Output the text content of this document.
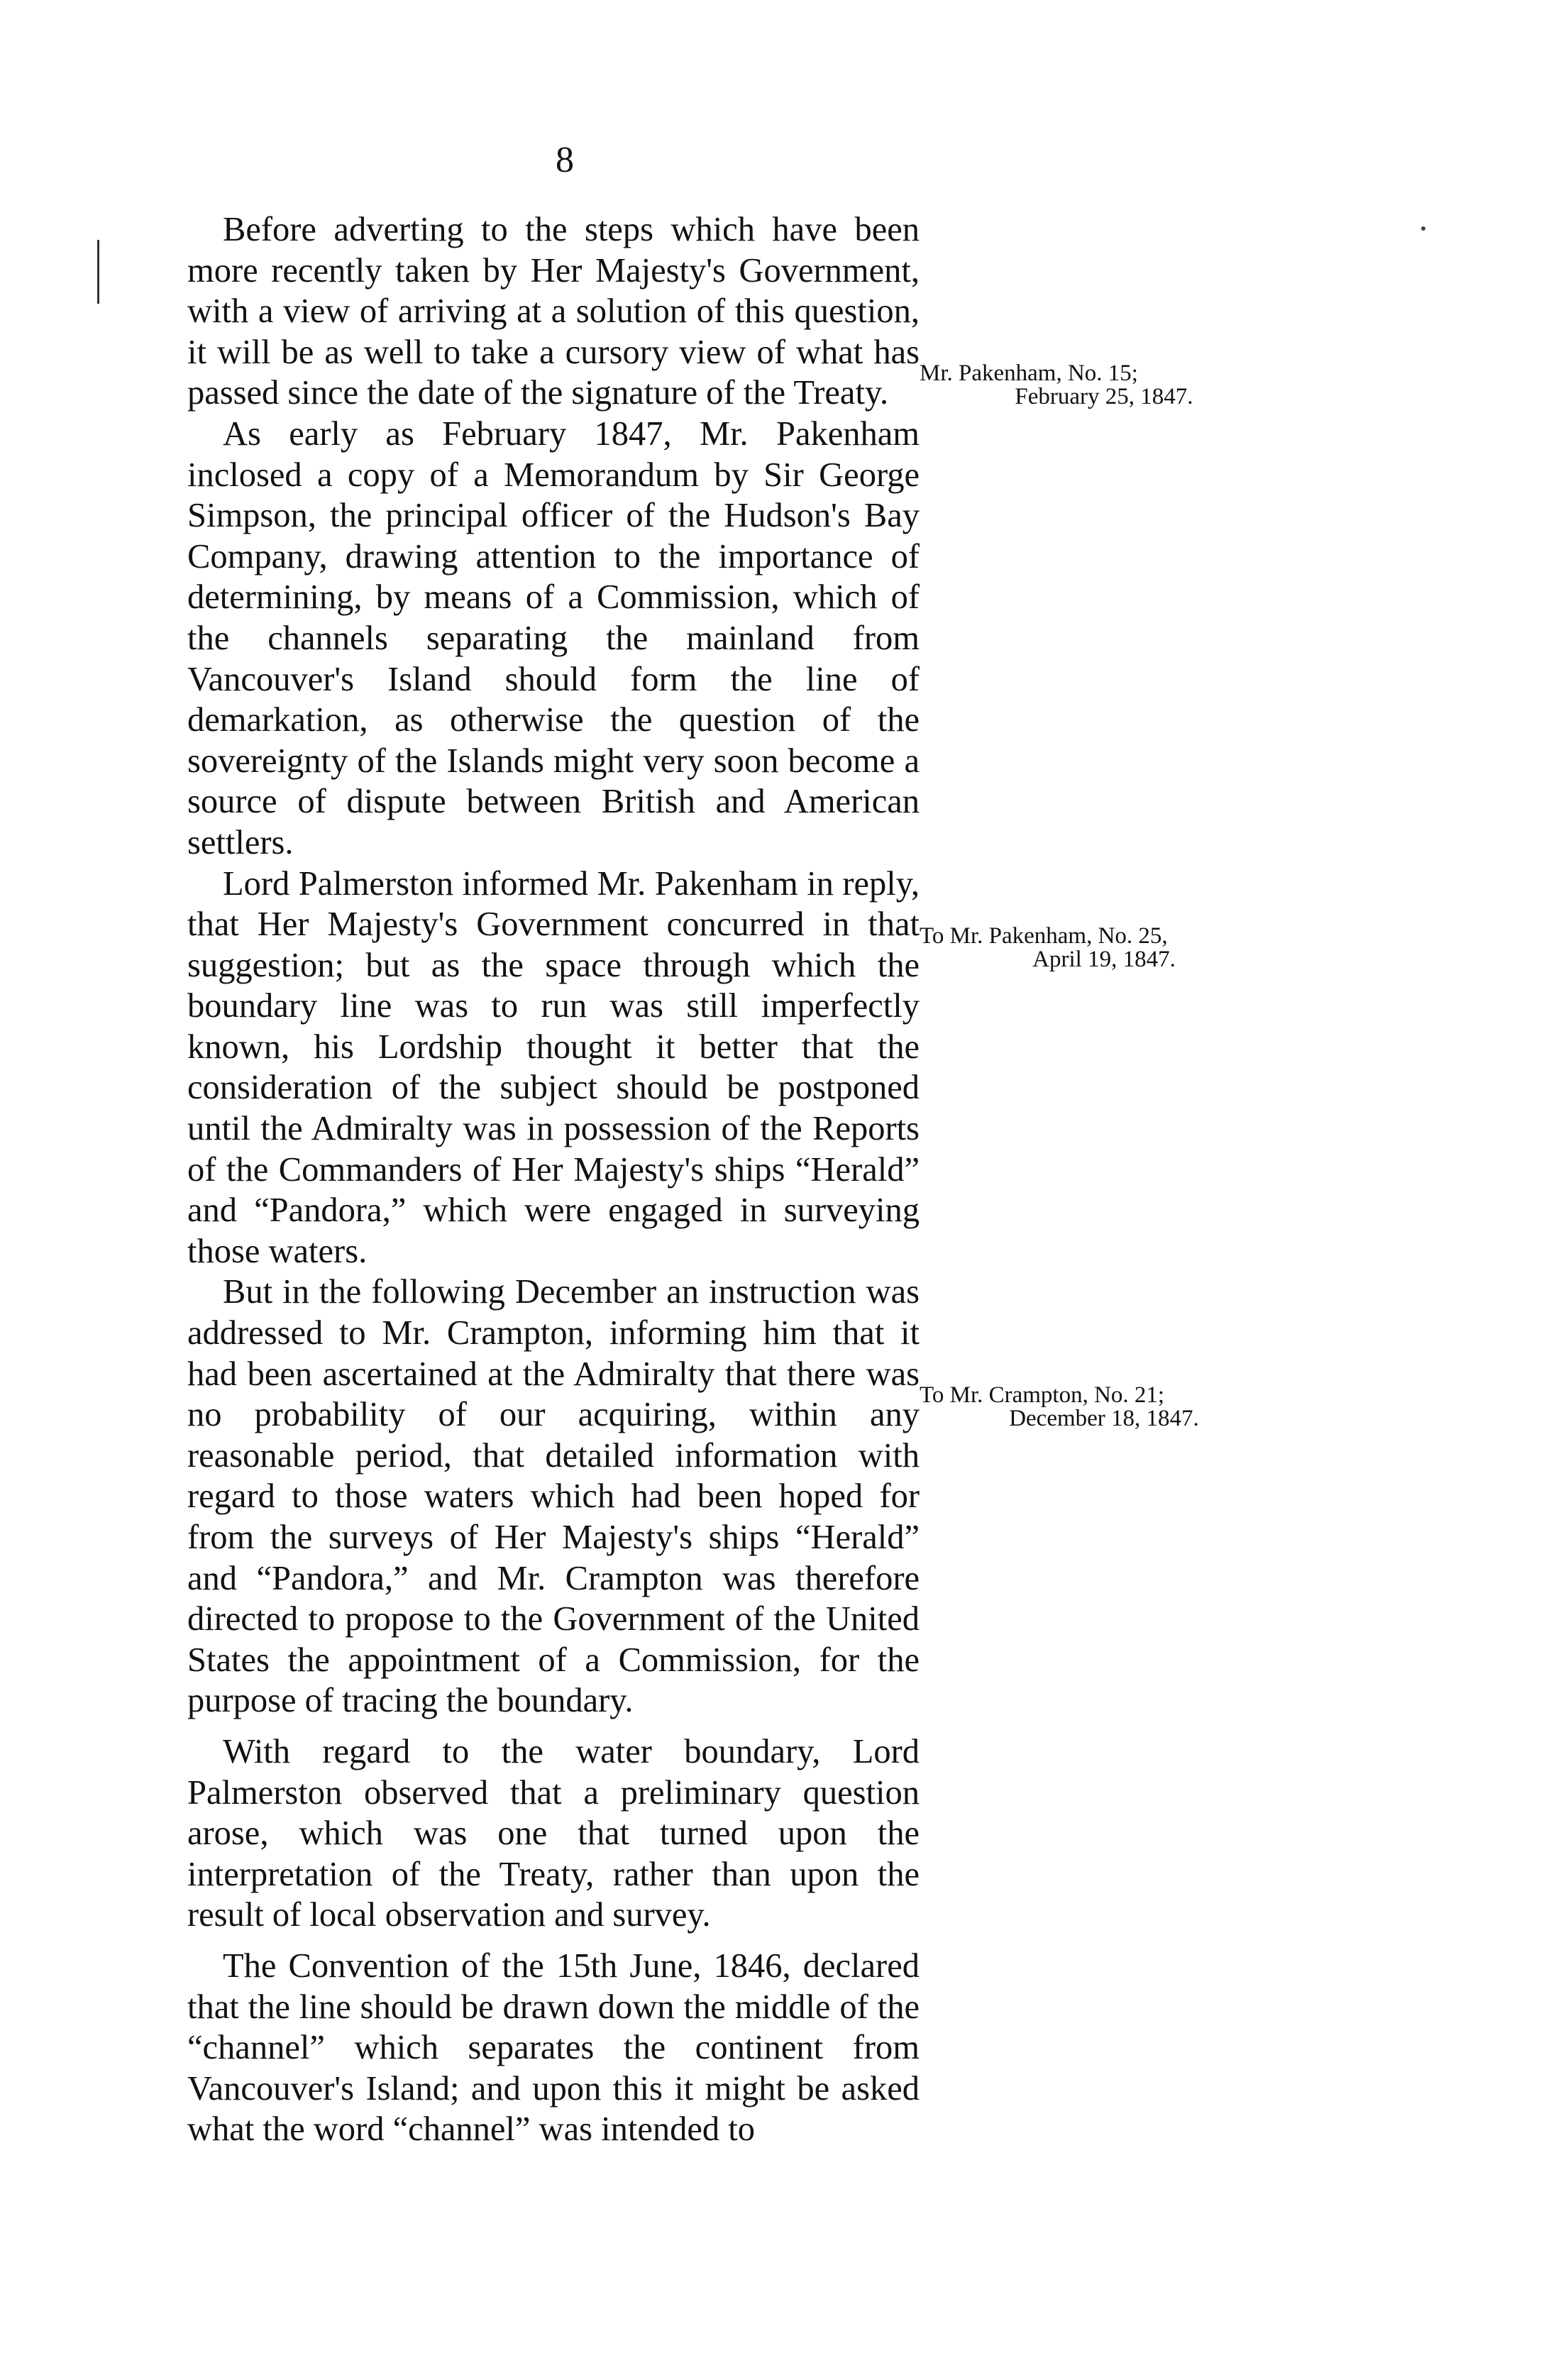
8

Before adverting to the steps which have been more recently taken by Her Majesty's Government, with a view of arriving at a solution of this question, it will be as well to take a cursory view of what has passed since the date of the signature of the Treaty.

As early as February 1847, Mr. Pakenham inclosed a copy of a Memorandum by Sir George Simpson, the principal officer of the Hudson's Bay Company, drawing attention to the importance of determining, by means of a Commission, which of the channels separating the mainland from Vancouver's Island should form the line of demarkation, as otherwise the question of the sovereignty of the Islands might very soon become a source of dispute between British and American settlers.

Lord Palmerston informed Mr. Pakenham in reply, that Her Majesty's Government concurred in that suggestion; but as the space through which the boundary line was to run was still imperfectly known, his Lordship thought it better that the consideration of the subject should be postponed until the Admiralty was in possession of the Reports of the Commanders of Her Majesty's ships “Herald” and “Pandora,” which were engaged in surveying those waters.

But in the following December an instruction was addressed to Mr. Crampton, informing him that it had been ascertained at the Admiralty that there was no probability of our acquiring, within any reasonable period, that detailed information with regard to those waters which had been hoped for from the surveys of Her Majesty's ships “Herald” and “Pandora,” and Mr. Crampton was therefore directed to propose to the Government of the United States the appointment of a Commission, for the purpose of tracing the boundary.

With regard to the water boundary, Lord Palmerston observed that a preliminary question arose, which was one that turned upon the interpretation of the Treaty, rather than upon the result of local observation and survey.

The Convention of the 15th June, 1846, declared that the line should be drawn down the middle of the “channel” which separates the continent from Vancouver's Island; and upon this it might be asked what the word “channel” was intended to

Mr. Pakenham, No. 15;
February 25, 1847.
To Mr. Pakenham, No. 25,
April 19, 1847.
To Mr. Crampton, No. 21;
December 18, 1847.
